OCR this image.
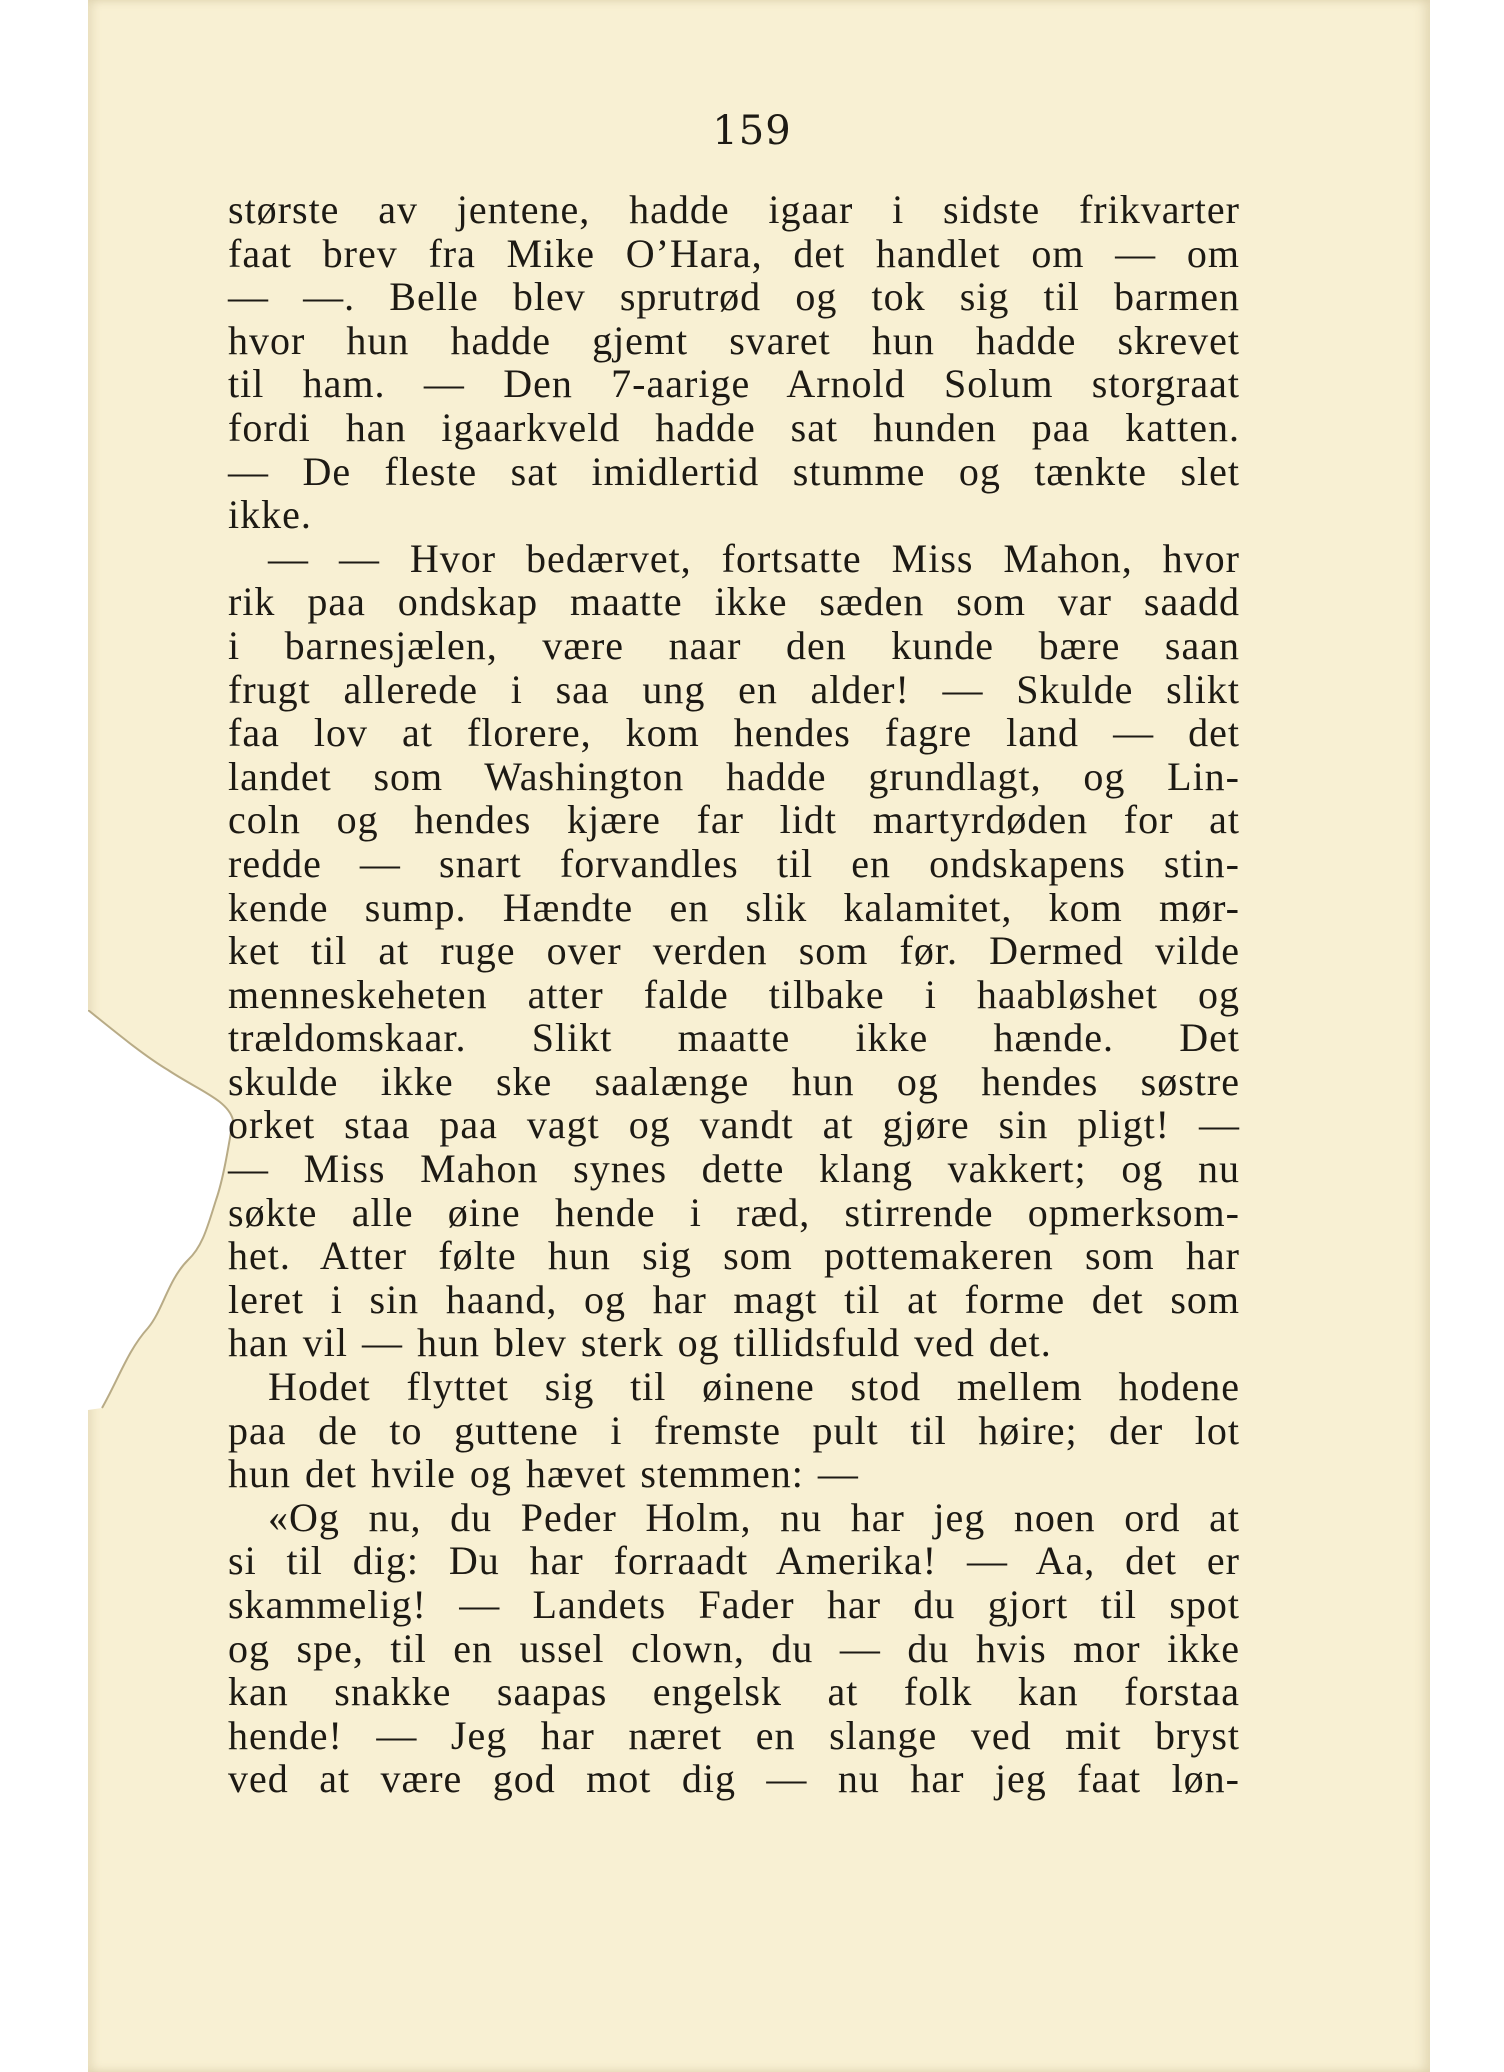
159
største av jentene, hadde igaar i sidste frikvarter
faat brev fra Mike O’Hara, det handlet om — om
— —. Belle blev sprutrød og tok sig til barmen
hvor hun hadde gjemt svaret hun hadde skrevet
til ham. — Den 7-aarige Arnold Solum storgraat
fordi han igaarkveld hadde sat hunden paa katten.
— De fleste sat imidlertid stumme og tænkte slet
ikke.
— — Hvor bedærvet, fortsatte Miss Mahon, hvor
rik paa ondskap maatte ikke sæden som var saadd
i barnesjælen, være naar den kunde bære saan
frugt allerede i saa ung en alder! — Skulde slikt
faa lov at florere, kom hendes fagre land — det
landet som Washington hadde grundlagt, og Lin-
coln og hendes kjære far lidt martyrdøden for at
redde — snart forvandles til en ondskapens stin-
kende sump. Hændte en slik kalamitet, kom mør-
ket til at ruge over verden som før. Dermed vilde
menneskeheten atter falde tilbake i haabløshet og
trældomskaar. Slikt maatte ikke hænde. Det
skulde ikke ske saalænge hun og hendes søstre
orket staa paa vagt og vandt at gjøre sin pligt! —
— Miss Mahon synes dette klang vakkert; og nu
søkte alle øine hende i ræd, stirrende opmerksom-
het. Atter følte hun sig som pottemakeren som har
leret i sin haand, og har magt til at forme det som
han vil — hun blev sterk og tillidsfuld ved det.
Hodet flyttet sig til øinene stod mellem hodene
paa de to guttene i fremste pult til høire; der lot
hun det hvile og hævet stemmen: —
«Og nu, du Peder Holm, nu har jeg noen ord at
si til dig: Du har forraadt Amerika! — Aa, det er
skammelig! — Landets Fader har du gjort til spot
og spe, til en ussel clown, du — du hvis mor ikke
kan snakke saapas engelsk at folk kan forstaa
hende! — Jeg har næret en slange ved mit bryst
ved at være god mot dig — nu har jeg faat løn-
